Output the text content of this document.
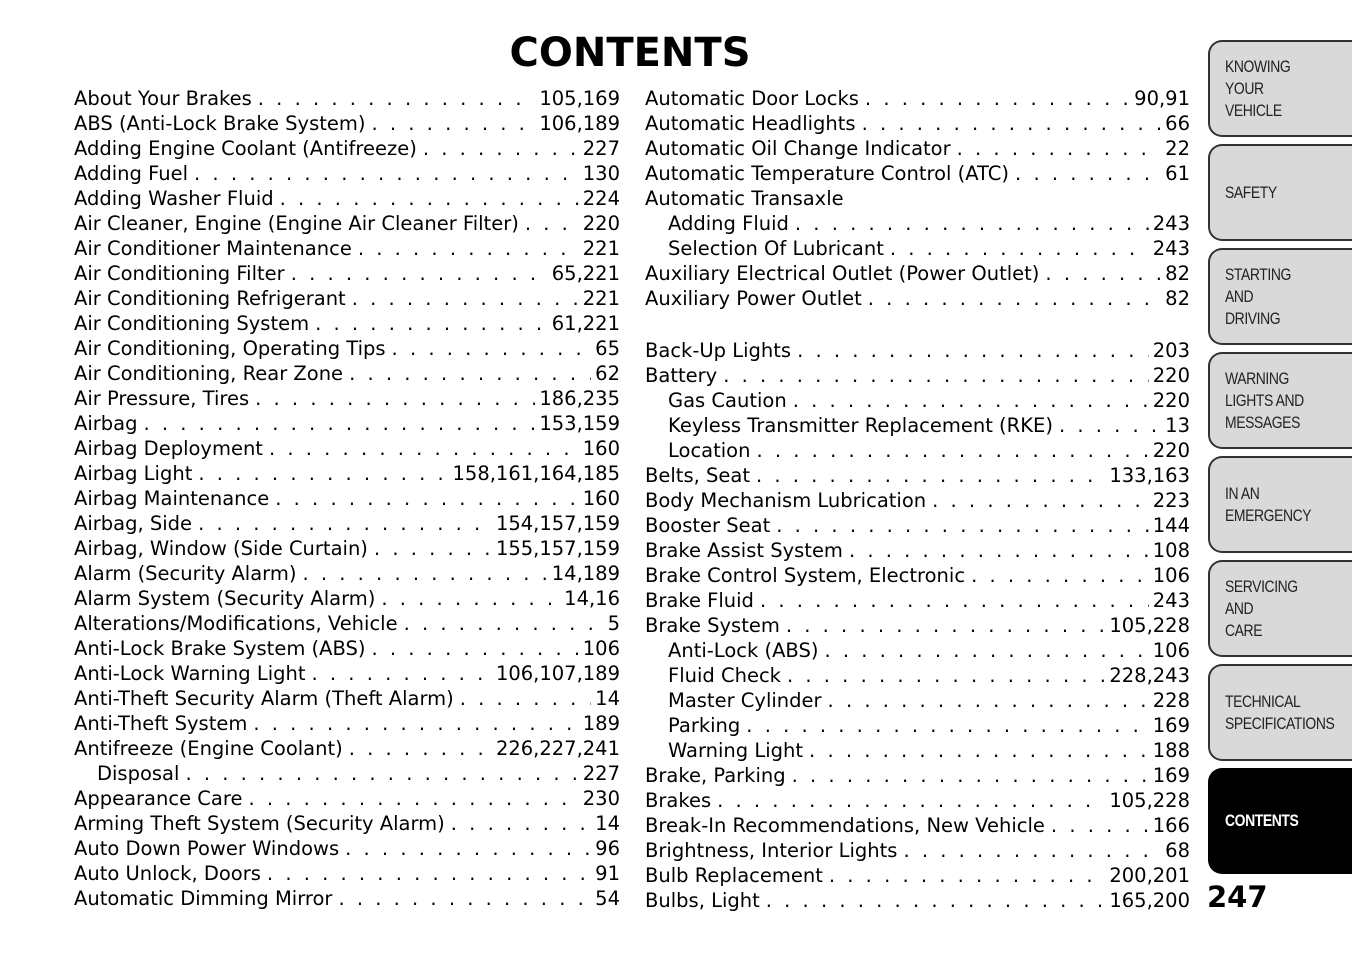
CONTENTS
About Your Brakes . . .	105,169
ABS (Anti-Lock Brake System) . . .	106,189
Adding Engine Coolant (Antifreeze) . . .	227
Adding Fuel . . .	130
Adding Washer Fluid . . .	224
Air Cleaner, Engine (Engine Air Cleaner Filter) . . .	220
Air Conditioner Maintenance . . .	221
Air Conditioning Filter . . .	65,221
Air Conditioning Refrigerant . . .	221
Air Conditioning System . . .	61,221
Air Conditioning, Operating Tips . . .	65
Air Conditioning, Rear Zone . . .	62
Air Pressure, Tires . . .	186,235
Airbag . . .	153,159
Airbag Deployment . . .	160
Airbag Light . . .	158,161,164,185
Airbag Maintenance . . .	160
Airbag, Side . . .	154,157,159
Airbag, Window (Side Curtain) . . .	155,157,159
Alarm (Security Alarm) . . .	14,189
Alarm System (Security Alarm) . . .	14,16
Alterations/Modifications, Vehicle . . .	5
Anti-Lock Brake System (ABS) . . .	106
Anti-Lock Warning Light . . .	106,107,189
Anti-Theft Security Alarm (Theft Alarm) . . .	14
Anti-Theft System . . .	189
Antifreeze (Engine Coolant) . . .	226,227,241
Disposal . . .	227
Appearance Care . . .	230
Arming Theft System (Security Alarm) . . .	14
Auto Down Power Windows . . .	96
Auto Unlock, Doors . . .	91
Automatic Dimming Mirror . . .	54
Automatic Door Locks . . .	90,91
Automatic Headlights . . .	66
Automatic Oil Change Indicator . . .	22
Automatic Temperature Control (ATC) . . .	61
Automatic Transaxle
Adding Fluid . . .	243
Selection Of Lubricant . . .	243
Auxiliary Electrical Outlet (Power Outlet) . . .	82
Auxiliary Power Outlet . . .	82
Back-Up Lights . . .	203
Battery . . .	220
Gas Caution . . .	220
Keyless Transmitter Replacement (RKE) . . .	13
Location . . .	220
Belts, Seat . . .	133,163
Body Mechanism Lubrication . . .	223
Booster Seat . . .	144
Brake Assist System . . .	108
Brake Control System, Electronic . . .	106
Brake Fluid . . .	243
Brake System . . .	105,228
Anti-Lock (ABS) . . .	106
Fluid Check . . .	228,243
Master Cylinder . . .	228
Parking . . .	169
Warning Light . . .	188
Brake, Parking . . .	169
Brakes . . .	105,228
Break-In Recommendations, New Vehicle . . .	166
Brightness, Interior Lights . . .	68
Bulb Replacement . . .	200,201
Bulbs, Light . . .	165,200
KNOWING
YOUR
VEHICLE
SAFETY
STARTING
AND
DRIVING
WARNING
LIGHTS AND
MESSAGES
IN AN
EMERGENCY
SERVICING
AND
CARE
TECHNICAL
SPECIFICATIONS
CONTENTS
247
